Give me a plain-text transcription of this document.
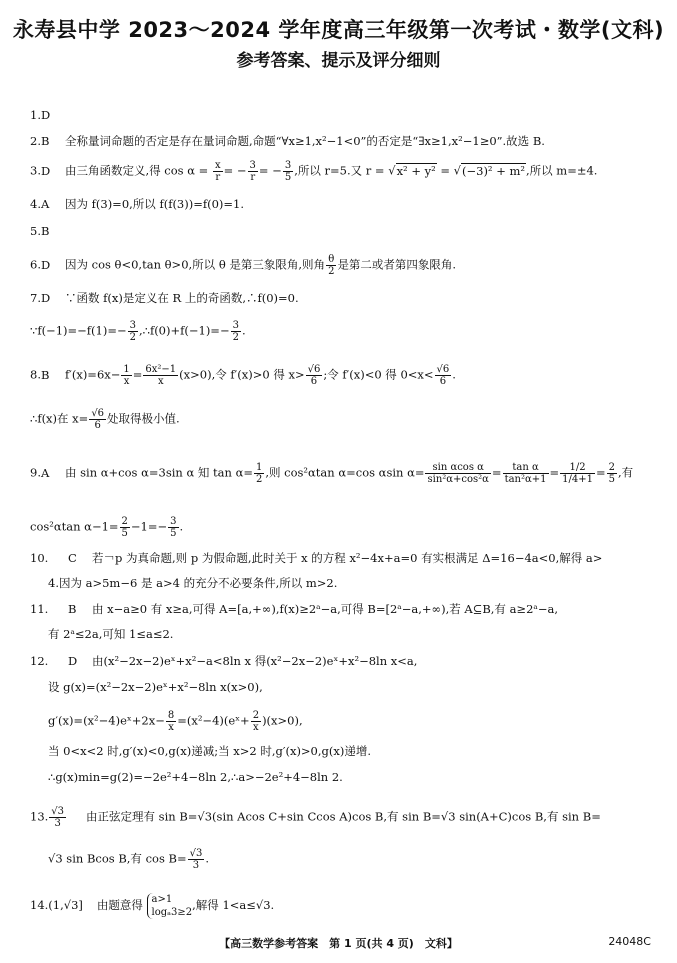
永寿县中学 2023～2024 学年度高三年级第一次考试・数学(文科)
参考答案、提示及评分细则
1.D
2.B 全称量词命题的否定是存在量词命题,命题“∀x≥1,x²−1<0”的否定是“∃x≥1,x²−1≥0”.故选 B.
3.D 由三角函数定义,得 $\cos \alpha = \frac{x}{r}$ = − $\frac{3}{r}$ = − $\frac{3}{5}$ ,所以 r=5.又 r = √x² + y² = √(−3)² + m²,所以 m=±4.
4.A 因为 f(3)=0,所以 f(f(3))=f(0)=1.
5.B
6.D 因为 cos θ<0,tan θ>0,所以 θ 是第三象限角,则角 $\frac{\theta}{2}$ 是第二或者第四象限角.
7.D ∵函数 f(x)是定义在 R 上的奇函数,∴f(0)=0.
∵f(−1)=−f(1)=− $\frac{3}{2}$ ,∴f(0)+f(−1)=− $\frac{3}{2}$ .
8.B $f'(x)=6x- \frac{1}{x} = \frac{\text{6x²−1}}{x} (x>0)$,令 f′(x)>0 得 $x> \frac{√6}{6}$ ;令 f′(x)<0 得 $0<x< \frac{√6}{6}$ .
∴f(x)在 $x= \frac{√6}{6}$ 处取得极小值.
9.A 由 sin α+cos α=3sin α 知 $\tan \alpha= \frac{1}{2}$ ,则 cos²αtan α=cos αsin $\alpha= \frac{\text{sin αcos α}}{\text{sin²α+cos²α}} = \frac{\text{tan α}}{\text{tan²α+1}} = \frac{1/2}{1/4+1} = \frac{2}{5}$ ,有
cos²αtan $\alpha-1= \frac{2}{5} -1=- \frac{3}{5}$ .
10. C 若￢p 为真命题,则 p 为假命题,此时关于 x 的方程 x²−4x+a=0 有实根满足 Δ=16−4a<0,解得 a>
4.因为 a>5m−6 是 a>4 的充分不必要条件,所以 m>2.
11. B 由 x−a≥0 有 x≥a,可得 A=[a,+∞),f(x)≥2ᵃ−a,可得 B=[2ᵃ−a,+∞),若 A⊆B,有 a≥2ᵃ−a,
有 2ᵃ≤2a,可知 1≤a≤2.
12. D 由(x²−2x−2)eˣ+x²−a<8ln x 得(x²−2x−2)eˣ+x²−8ln x<a,
设 g(x)=(x²−2x−2)eˣ+x²−8ln x(x>0),
g′(x)=(x²−4)eˣ+2x− $\frac{8}{x}$ =(x²−4)(eˣ+ $\frac{2}{x} )(x>0)$,
当 0<x<2 时,g′(x)<0,g(x)递减;当 x>2 时,g′(x)>0,g(x)递增.
∴g(x)min=g(2)=−2e²+4−8ln 2,∴a>−2e²+4−8ln 2.
13. $\frac{√3}{3}$ 由正弦定理有 sin B=√3(sin Acos C+sin Ccos A)cos B,有 sin B=√3 sin(A+C)cos B,有 sin B=
√3 sin Bcos B,有 $\cos B= \frac{√3}{3}$ .
14.(1,√3] 由题意得 a>1
logₐ3≥2
,解得 1<a≤√3.
【高三数学参考答案　第 1 页(共 4 页)　文科】	24048C
